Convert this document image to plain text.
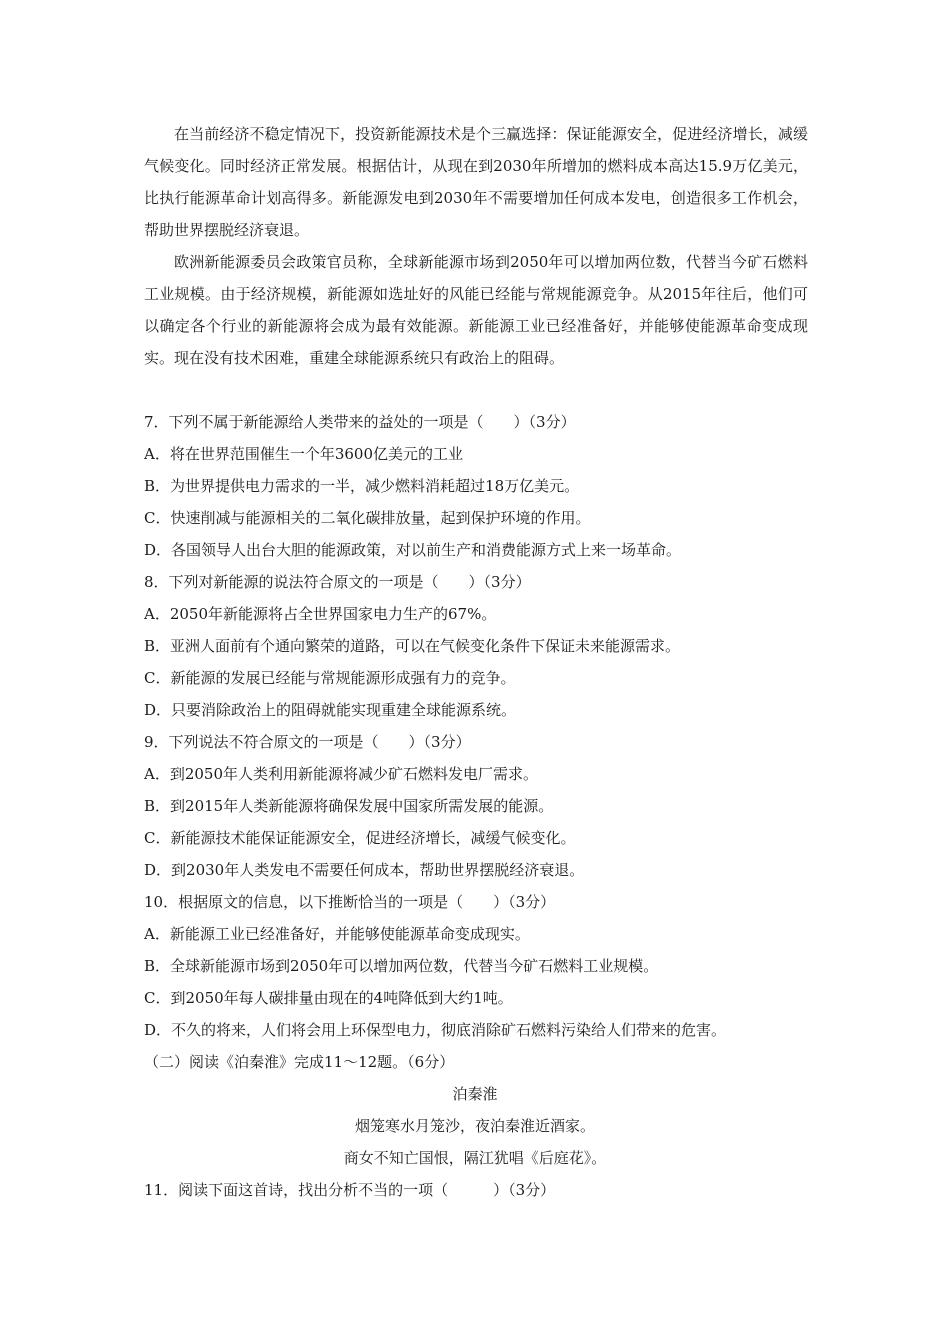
在当前经济不稳定情况下，投资新能源技术是个三赢选择：保证能源安全，促进经济增长，减缓气候变化。同时经济正常发展。根据估计，从现在到2030年所增加的燃料成本高达15.9万亿美元，比执行能源革命计划高得多。新能源发电到2030年不需要增加任何成本发电，创造很多工作机会，帮助世界摆脱经济衰退。

欧洲新能源委员会政策官员称，全球新能源市场到2050年可以增加两位数，代替当今矿石燃料工业规模。由于经济规模，新能源如选址好的风能已经能与常规能源竞争。从2015年往后，他们可以确定各个行业的新能源将会成为最有效能源。新能源工业已经准备好，并能够使能源革命变成现实。现在没有技术困难，重建全球能源系统只有政治上的阻碍。

7．下列不属于新能源给人类带来的益处的一项是（　　）（3分）
A．将在世界范围催生一个年3600亿美元的工业
B．为世界提供电力需求的一半，减少燃料消耗超过18万亿美元。
C．快速削减与能源相关的二氧化碳排放量，起到保护环境的作用。
D．各国领导人出台大胆的能源政策，对以前生产和消费能源方式上来一场革命。
8．下列对新能源的说法符合原文的一项是（　　）（3分）
A．2050年新能源将占全世界国家电力生产的67%。
B．亚洲人面前有个通向繁荣的道路，可以在气候变化条件下保证未来能源需求。
C．新能源的发展已经能与常规能源形成强有力的竞争。
D．只要消除政治上的阻碍就能实现重建全球能源系统。
9．下列说法不符合原文的一项是（　　）（3分）
A．到2050年人类利用新能源将减少矿石燃料发电厂需求。
B．到2015年人类新能源将确保发展中国家所需发展的能源。
C．新能源技术能保证能源安全，促进经济增长，减缓气候变化。
D．到2030年人类发电不需要任何成本，帮助世界摆脱经济衰退。
10．根据原文的信息，以下推断恰当的一项是（　　）（3分）
A．新能源工业已经准备好，并能够使能源革命变成现实。
B．全球新能源市场到2050年可以增加两位数，代替当今矿石燃料工业规模。
C．到2050年每人碳排量由现在的4吨降低到大约1吨。
D．不久的将来，人们将会用上环保型电力，彻底消除矿石燃料污染给人们带来的危害。
（二）阅读《泊秦淮》完成11～12题。（6分）
泊秦淮
烟笼寒水月笼沙，夜泊秦淮近酒家。
商女不知亡国恨，隔江犹唱《后庭花》。
11．阅读下面这首诗，找出分析不当的一项（　　　）（3分）
